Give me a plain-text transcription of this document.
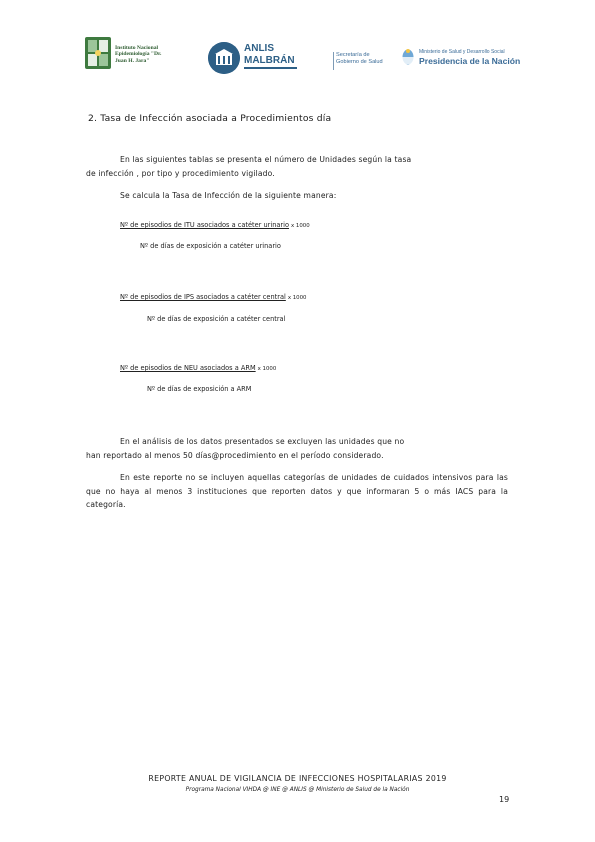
Instituto Nacional Epidemiología "Dr. Juan H. Jara"
ANLIS MALBRÁN	Secretaría de Gobierno de Salud
Ministerio de Salud y Desarrollo Social
Presidencia de la Nación
2. Tasa de Infección asociada a Procedimientos día
En las siguientes tablas se presenta el número de Unidades según la tasa
de infección , por tipo y procedimiento vigilado.
Se calcula la Tasa de Infección de la siguiente manera:
Nº de episodios de ITU asociados a catéter urinario x 1000
Nº de días de exposición a catéter urinario
Nº de episodios de IPS asociados a catéter central x 1000
Nº de días de exposición a catéter central
Nº de episodios de NEU asociados a ARM x 1000
Nº de días de exposición a ARM
En el análisis de los datos presentados se excluyen las unidades que no
han reportado al menos 50 días@procedimiento en el período considerado.
En este reporte no se incluyen aquellas categorías de unidades de cuidados intensivos para las que no haya al menos 3 instituciones que reporten datos y que informaran 5 o más IACS para la categoría.
REPORTE ANUAL DE VIGILANCIA DE INFECCIONES HOSPITALARIAS 2019
Programa Nacional VIHDA @ INE @ ANLIS @ Ministerio de Salud de la Nación
19
